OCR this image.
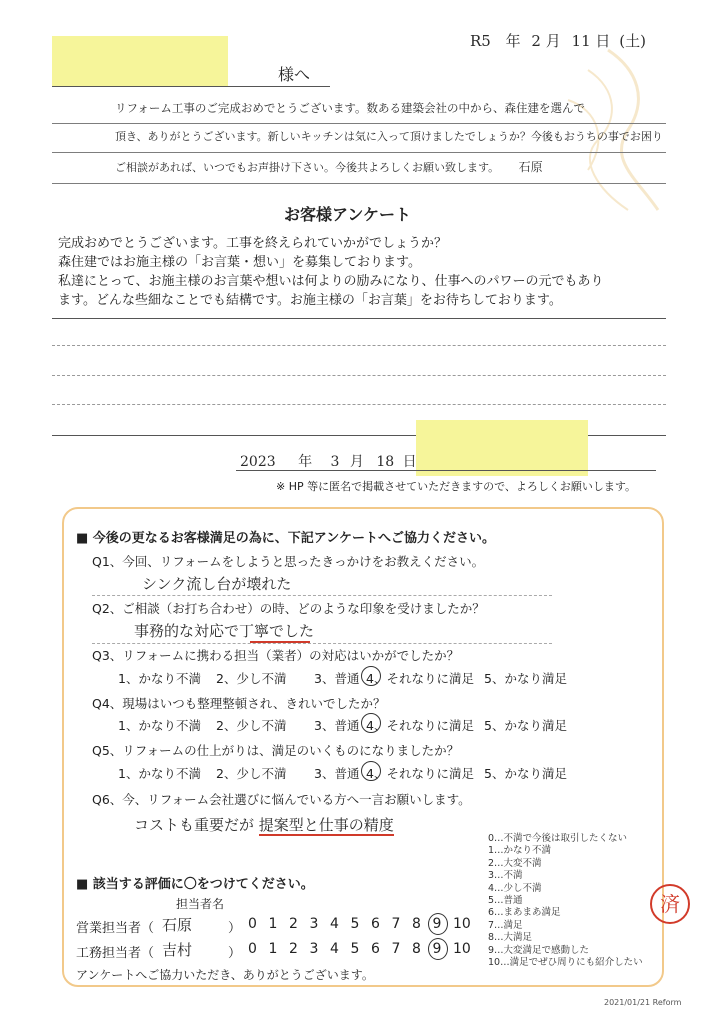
R5 年 2 月 11 日 (土)
様へ
リフォーム工事のご完成おめでとうございます。数ある建築会社の中から、森住建を選んで
頂き、ありがとうございます。新しいキッチンは気に入って頂けましたでしょうか？今後もおうちの事でお困り
ご相談があれば、いつでもお声掛け下さい。今後共よろしくお願い致します。 石原
お客様アンケート
完成おめでとうございます。工事を終えられていかがでしょうか？
森住建ではお施主様の「お言葉・想い」を募集しております。
私達にとって、お施主様のお言葉や想いは何よりの励みになり、仕事へのパワーの元でもあり
ます。どんな些細なことでも結構です。お施主様の「お言葉」をお待ちしております。
2023 年 3 月 18 日
※ HP 等に匿名で掲載させていただきますので、よろしくお願いします。
■ 今後の更なるお客様満足の為に、下記アンケートへご協力ください。
Q1、今回、リフォームをしようと思ったきっかけをお教えください。
シンク流し台が壊れた
Q2、ご相談（お打ち合わせ）の時、どのような印象を受けましたか？
事務的な対応で丁寧でした
Q3、リフォームに携わる担当（業者）の対応はいかがでしたか？
1、かなり不満 2、少し不満 3、普通 4、それなりに満足 5、かなり満足
Q4、現場はいつも整理整頓され、きれいでしたか？
1、かなり不満 2、少し不満 3、普通 4、それなりに満足 5、かなり満足
Q5、リフォームの仕上がりは、満足のいくものになりましたか？
1、かなり不満 2、少し不満 3、普通 4、それなりに満足 5、かなり満足
Q6、今、リフォーム会社選びに悩んでいる方へ一言お願いします。
コストも重要だが 提案型と仕事の精度
0…不満で今後は取引したくない
1…かなり不満
2…大変不満
3…不満
4…少し不満
5…普通
6…まあまあ満足
7…満足
8…大満足
9…大変満足で感動した
10…満足でぜひ周りにも紹介したい
■ 該当する評価に〇をつけてください。
担当者名
営業担当者（ 石原	） 0 1 2 3 4 5 6 7 8 9 10
工務担当者（ 吉村	） 0 1 2 3 4 5 6 7 8 9 10
アンケートへご協力いただき、ありがとうございます。
済
2021/01/21 Reform
